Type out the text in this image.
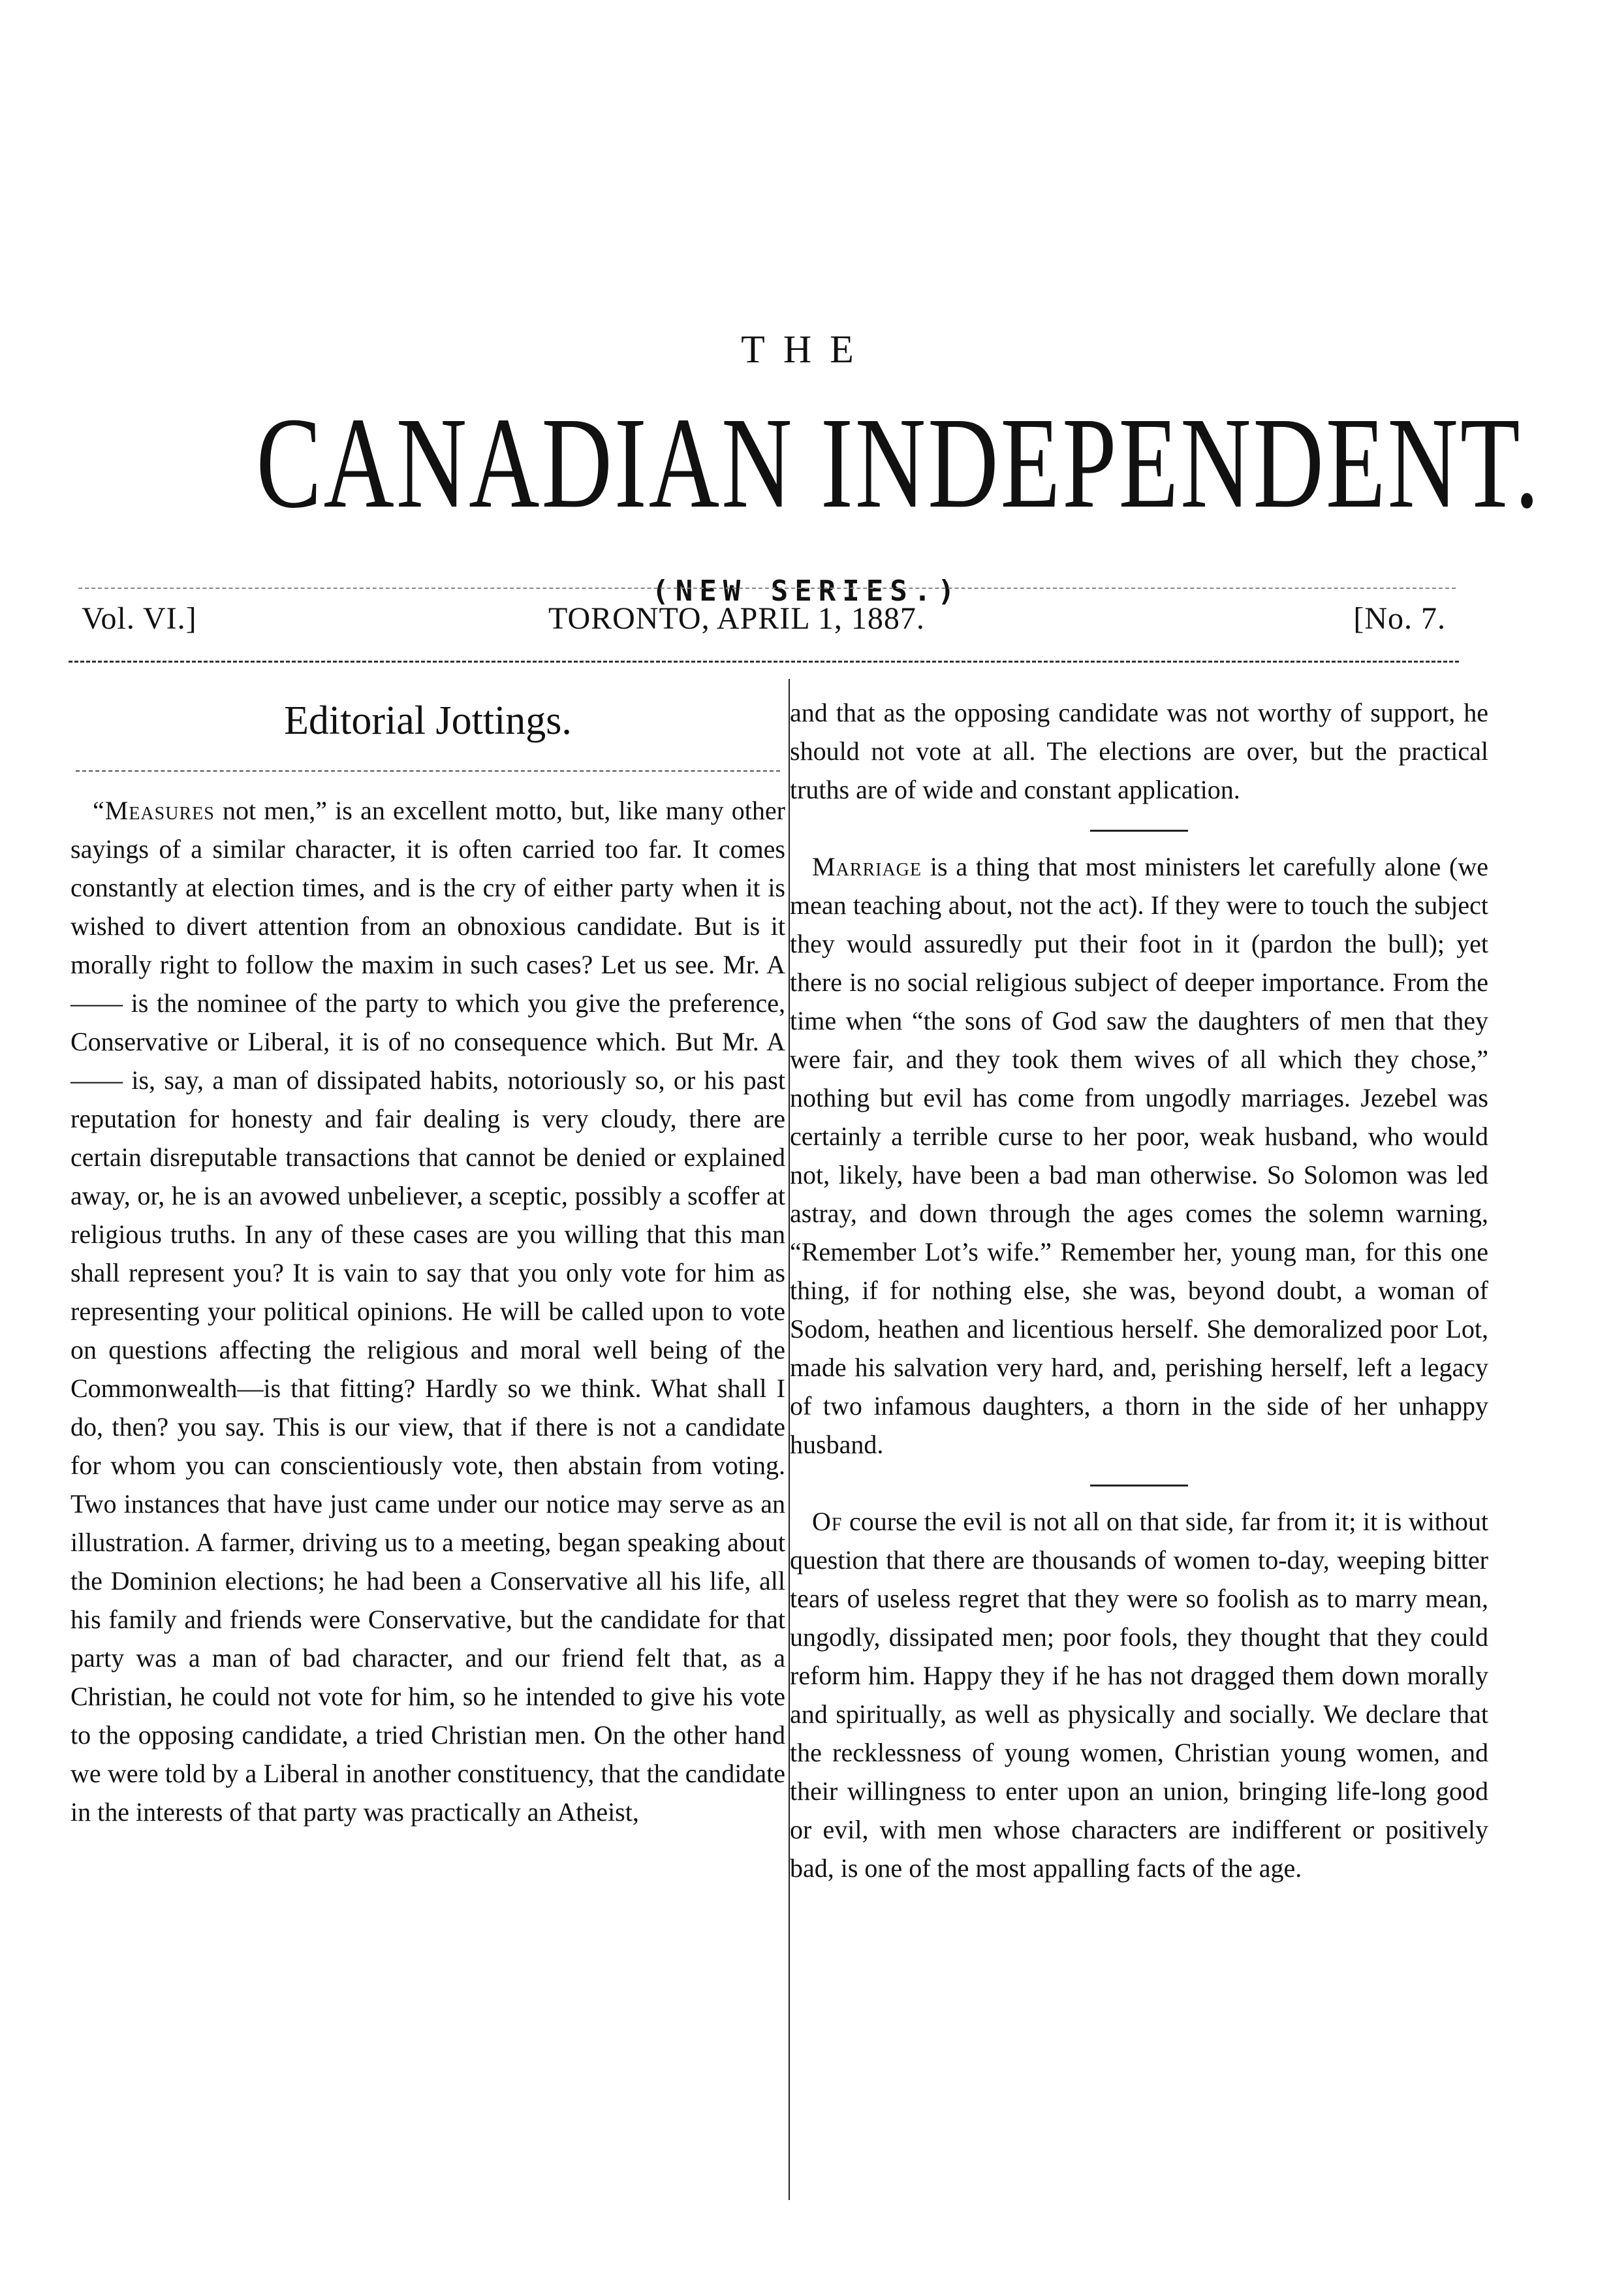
THE
CANADIAN INDEPENDENT.
(NEW SERIES.)
Vol. VI.]	TORONTO, APRIL 1, 1887.	[No. 7.
Editorial Jottings.

“Measures not men,” is an excellent motto, but, like many other sayings of a similar character, it is often carried too far. It comes constantly at election times, and is the cry of either party when it is wished to divert attention from an obnoxious candidate. But is it morally right to follow the maxim in such cases? Let us see. Mr. A—— is the nominee of the party to which you give the preference, Conservative or Liberal, it is of no consequence which. But Mr. A—— is, say, a man of dissipated habits, notoriously so, or his past reputation for honesty and fair dealing is very cloudy, there are certain disreputable transactions that cannot be denied or explained away, or, he is an avowed unbeliever, a sceptic, possibly a scoffer at religious truths. In any of these cases are you willing that this man shall represent you? It is vain to say that you only vote for him as representing your political opinions. He will be called upon to vote on questions affecting the religious and moral well being of the Commonwealth—is that fitting? Hardly so we think. What shall I do, then? you say. This is our view, that if there is not a candidate for whom you can conscientiously vote, then abstain from voting. Two instances that have just came under our notice may serve as an illustration. A farmer, driving us to a meeting, began speaking about the Dominion elections; he had been a Conservative all his life, all his family and friends were Conservative, but the candidate for that party was a man of bad character, and our friend felt that, as a Christian, he could not vote for him, so he intended to give his vote to the opposing candidate, a tried Christian men. On the other hand we were told by a Liberal in another constituency, that the candidate in the interests of that party was practically an Atheist,

and that as the opposing candidate was not worthy of support, he should not vote at all. The elections are over, but the practical truths are of wide and constant application.

Marriage is a thing that most ministers let carefully alone (we mean teaching about, not the act). If they were to touch the subject they would assuredly put their foot in it (pardon the bull); yet there is no social religious subject of deeper importance. From the time when “the sons of God saw the daughters of men that they were fair, and they took them wives of all which they chose,” nothing but evil has come from ungodly marriages. Jezebel was certainly a terrible curse to her poor, weak husband, who would not, likely, have been a bad man otherwise. So Solomon was led astray, and down through the ages comes the solemn warning, “Remember Lot’s wife.” Remember her, young man, for this one thing, if for nothing else, she was, beyond doubt, a woman of Sodom, heathen and licentious herself. She demoralized poor Lot, made his salvation very hard, and, perishing herself, left a legacy of two infamous daughters, a thorn in the side of her unhappy husband.

Of course the evil is not all on that side, far from it; it is without question that there are thousands of women to-day, weeping bitter tears of useless regret that they were so foolish as to marry mean, ungodly, dissipated men; poor fools, they thought that they could reform him. Happy they if he has not dragged them down morally and spiritually, as well as physically and socially. We declare that the recklessness of young women, Christian young women, and their willingness to enter upon an union, bringing life-long good or evil, with men whose characters are indifferent or positively bad, is one of the most appalling facts of the age.
